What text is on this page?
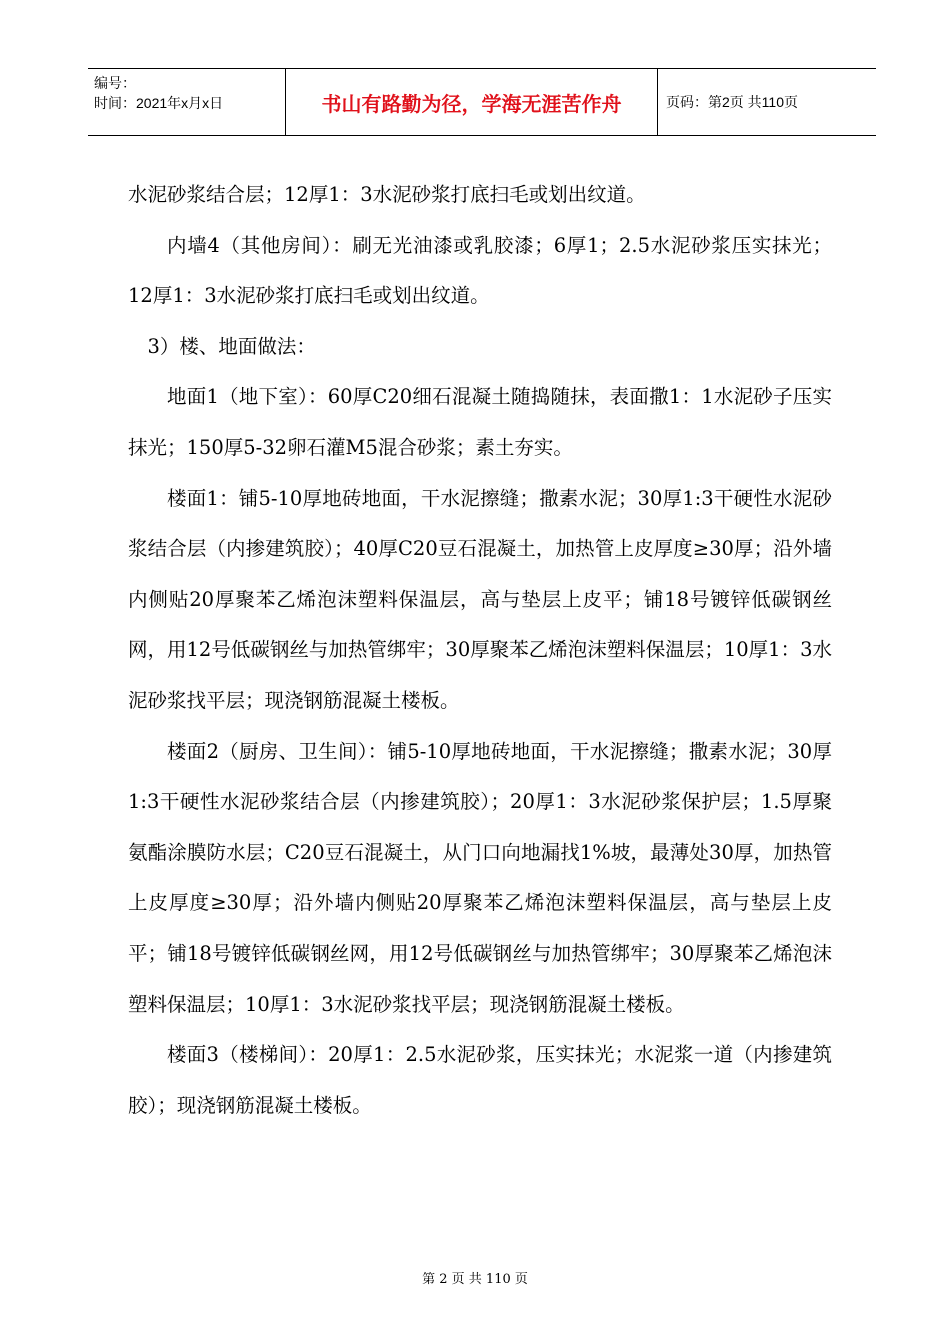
编号：
时间：2021年x月x日	书山有路勤为径，学海无涯苦作舟	页码：第2页 共110页

水泥砂浆结合层；12厚1：3水泥砂浆打底扫毛或划出纹道。

内墙4（其他房间）：刷无光油漆或乳胶漆；6厚1；2.5水泥砂浆压实抹光；12厚1：3水泥砂浆打底扫毛或划出纹道。

3）楼、地面做法：

地面1（地下室）：60厚C20细石混凝土随捣随抹，表面撒1：1水泥砂子压实抹光；150厚5-32卵石灌M5混合砂浆；素土夯实。

楼面1：铺5-10厚地砖地面，干水泥擦缝；撒素水泥；30厚1:3干硬性水泥砂浆结合层（内掺建筑胶）；40厚C20豆石混凝土，加热管上皮厚度≥30厚；沿外墙内侧贴20厚聚苯乙烯泡沫塑料保温层，高与垫层上皮平；铺18号镀锌低碳钢丝网，用12号低碳钢丝与加热管绑牢；30厚聚苯乙烯泡沫塑料保温层；10厚1：3水泥砂浆找平层；现浇钢筋混凝土楼板。

楼面2（厨房、卫生间）：铺5-10厚地砖地面，干水泥擦缝；撒素水泥；30厚1:3干硬性水泥砂浆结合层（内掺建筑胶）；20厚1：3水泥砂浆保护层；1.5厚聚氨酯涂膜防水层；C20豆石混凝土，从门口向地漏找1%坡，最薄处30厚，加热管上皮厚度≥30厚；沿外墙内侧贴20厚聚苯乙烯泡沫塑料保温层，高与垫层上皮平；铺18号镀锌低碳钢丝网，用12号低碳钢丝与加热管绑牢；30厚聚苯乙烯泡沫塑料保温层；10厚1：3水泥砂浆找平层；现浇钢筋混凝土楼板。

楼面3（楼梯间）：20厚1：2.5水泥砂浆，压实抹光；水泥浆一道（内掺建筑胶）；现浇钢筋混凝土楼板。

第 2 页 共 110 页
